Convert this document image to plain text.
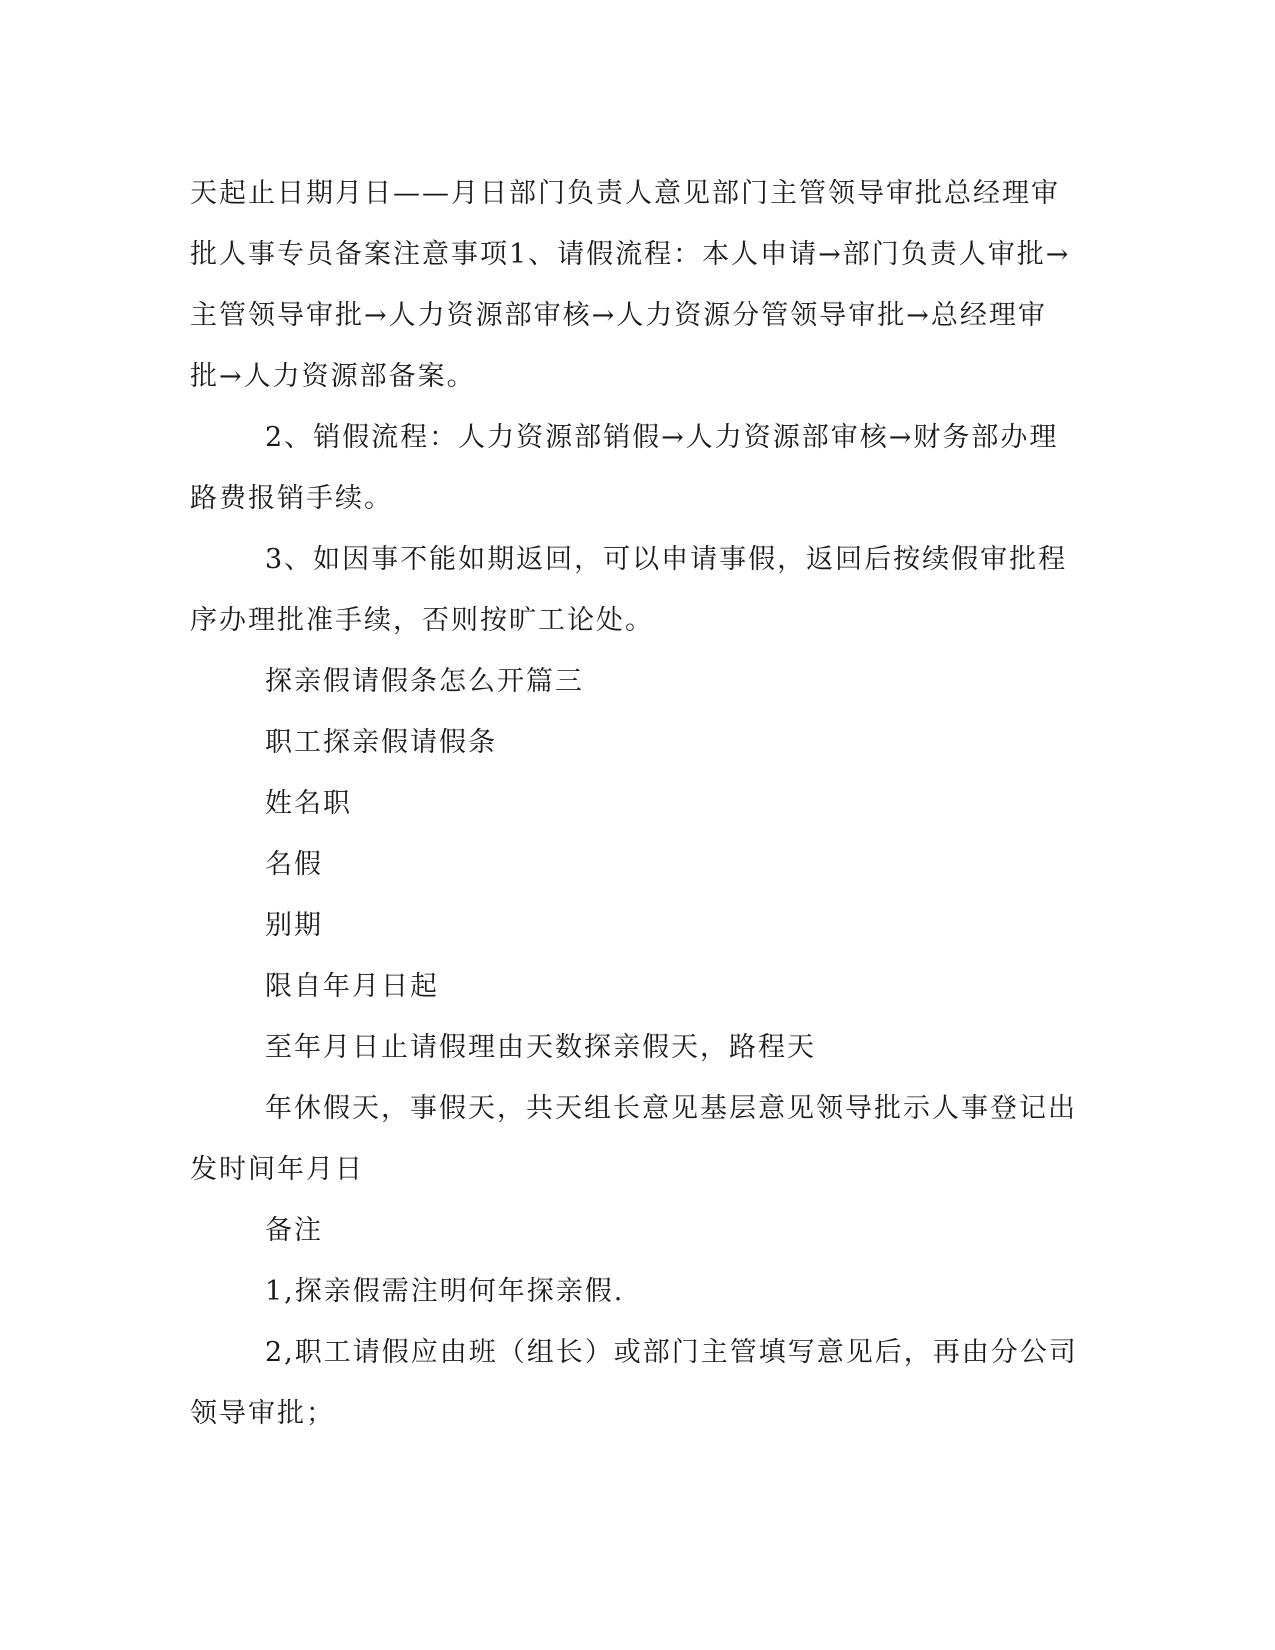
天起止日期月日——月日部门负责人意见部门主管领导审批总经理审
批人事专员备案注意事项1、请假流程：本人申请→部门负责人审批→
主管领导审批→人力资源部审核→人力资源分管领导审批→总经理审
批→人力资源部备案。
2、销假流程：人力资源部销假→人力资源部审核→财务部办理
路费报销手续。
3、如因事不能如期返回，可以申请事假，返回后按续假审批程
序办理批准手续，否则按旷工论处。
探亲假请假条怎么开篇三
职工探亲假请假条
姓名职
名假
别期
限自年月日起
至年月日止请假理由天数探亲假天，路程天
年休假天，事假天，共天组长意见基层意见领导批示人事登记出
发时间年月日
备注
1,探亲假需注明何年探亲假.
2,职工请假应由班（组长）或部门主管填写意见后，再由分公司
领导审批；
